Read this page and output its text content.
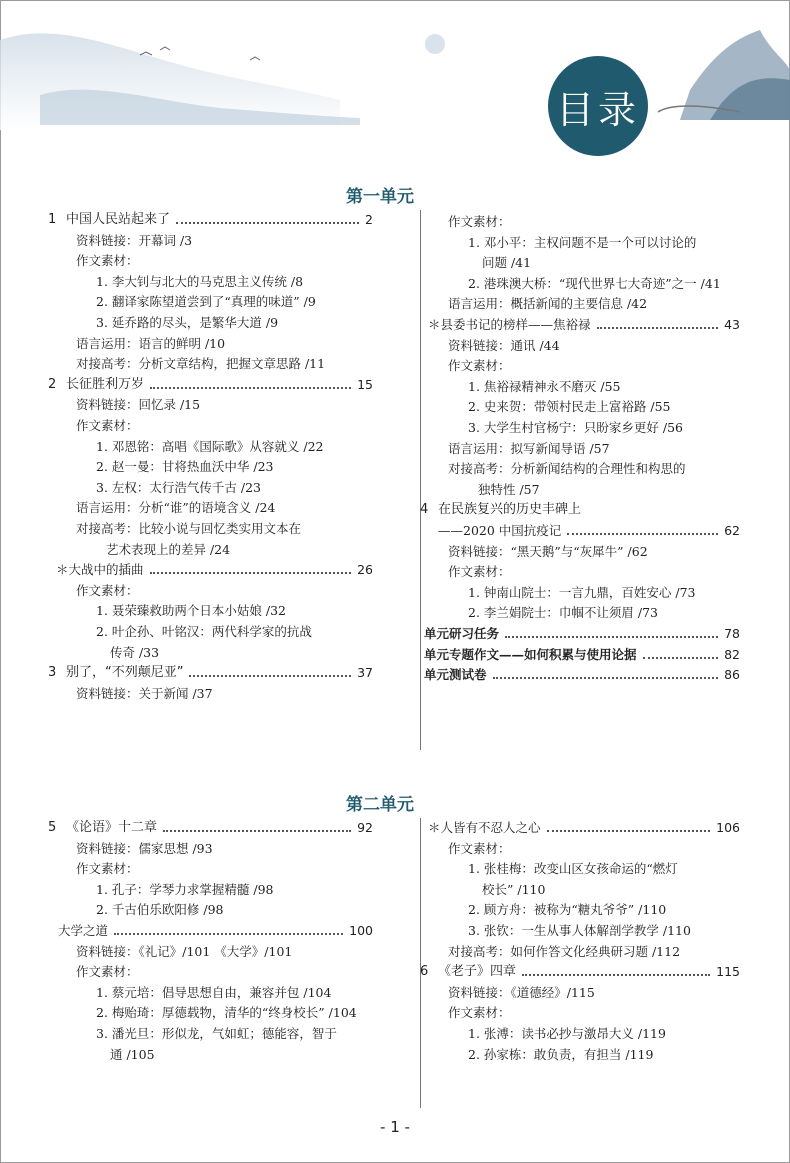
目录
第一单元
第二单元
1 中国人民站起来了	2
资料链接：开幕词 /3
作文素材：
1. 李大钊与北大的马克思主义传统 /8
2. 翻译家陈望道尝到了“真理的味道” /9
3. 延乔路的尽头，是繁华大道 /9
语言运用：语言的鲜明 /10
对接高考：分析文章结构，把握文章思路 /11
2 长征胜利万岁	15
资料链接：回忆录 /15
作文素材：
1. 邓恩铭：高唱《国际歌》从容就义 /22
2. 赵一曼：甘将热血沃中华 /23
3. 左权：太行浩气传千古 /23
语言运用：分析“谁”的语境含义 /24
对接高考：比较小说与回忆类实用文本在
艺术表现上的差异 /24
＊大战中的插曲	26
作文素材：
1. 聂荣臻救助两个日本小姑娘 /32
2. 叶企孙、叶铭汉：两代科学家的抗战
传奇 /33
3 别了，“不列颠尼亚”	37
资料链接：关于新闻 /37
作文素材：
1. 邓小平：主权问题不是一个可以讨论的
问题 /41
2. 港珠澳大桥：“现代世界七大奇迹”之一 /41
语言运用：概括新闻的主要信息 /42
＊县委书记的榜样——焦裕禄	43
资料链接：通讯 /44
作文素材：
1. 焦裕禄精神永不磨灭 /55
2. 史来贺：带领村民走上富裕路 /55
3. 大学生村官杨宁：只盼家乡更好 /56
语言运用：拟写新闻导语 /57
对接高考：分析新闻结构的合理性和构思的
独特性 /57
4 在民族复兴的历史丰碑上
——2020 中国抗疫记	62
资料链接：“黑天鹅”与“灰犀牛” /62
作文素材：
1. 钟南山院士：一言九鼎，百姓安心 /73
2. 李兰娟院士：巾帼不让须眉 /73
单元研习任务	78
单元专题作文——如何积累与使用论据	82
单元测试卷	86
5 《论语》十二章	92
资料链接：儒家思想 /93
作文素材：
1. 孔子：学琴力求掌握精髓 /98
2. 千古伯乐欧阳修 /98
大学之道	100
资料链接：《礼记》/101 《大学》/101
作文素材：
1. 蔡元培：倡导思想自由，兼容并包 /104
2. 梅贻琦：厚德载物，清华的“终身校长” /104
3. 潘光旦：形似龙，气如虹；德能容，智于
通 /105
＊人皆有不忍人之心	106
作文素材：
1. 张桂梅：改变山区女孩命运的“燃灯
校长” /110
2. 顾方舟：被称为“糖丸爷爷” /110
3. 张钦：一生从事人体解剖学教学 /110
对接高考：如何作答文化经典研习题 /112
6 《老子》四章	115
资料链接：《道德经》/115
作文素材：
1. 张溥：读书必抄与激昂大义 /119
2. 孙家栋：敢负责，有担当 /119
- 1 -
